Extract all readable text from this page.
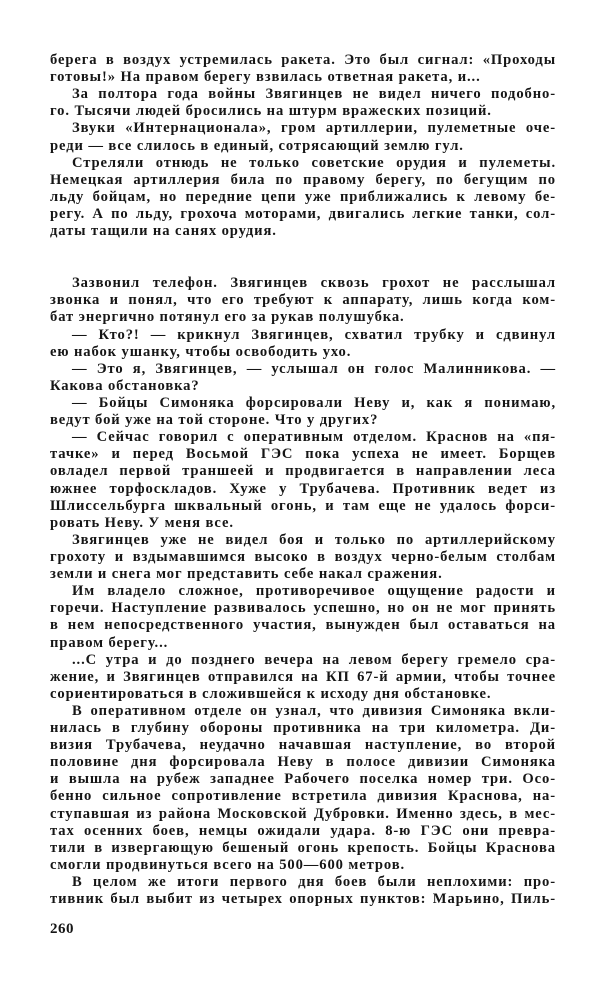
берега в воздух устремилась ракета. Это был сигнал: «Проходы
готовы!» На правом берегу взвилась ответная ракета, и...
За полтора года войны Звягинцев не видел ничего подобно-
го. Тысячи людей бросились на штурм вражеских позиций.
Звуки «Интернационала», гром артиллерии, пулеметные оче-
реди — все слилось в единый, сотрясающий землю гул.
Стреляли отнюдь не только советские орудия и пулеметы.
Немецкая артиллерия била по правому берегу, по бегущим по
льду бойцам, но передние цепи уже приближались к левому бе-
регу. А по льду, грохоча моторами, двигались легкие танки, сол-
даты тащили на санях орудия.
Зазвонил телефон. Звягинцев сквозь грохот не расслышал
звонка и понял, что его требуют к аппарату, лишь когда ком-
бат энергично потянул его за рукав полушубка.
— Кто?! — крикнул Звягинцев, схватил трубку и сдвинул
ею набок ушанку, чтобы освободить ухо.
— Это я, Звягинцев, — услышал он голос Малинникова. —
Какова обстановка?
— Бойцы Симоняка форсировали Неву и, как я понимаю,
ведут бой уже на той стороне. Что у других?
— Сейчас говорил с оперативным отделом. Краснов на «пя-
тачке» и перед Восьмой ГЭС пока успеха не имеет. Борщев
овладел первой траншеей и продвигается в направлении леса
южнее торфоскладов. Хуже у Трубачева. Противник ведет из
Шлиссельбурга шквальный огонь, и там еще не удалось форси-
ровать Неву. У меня все.
Звягинцев уже не видел боя и только по артиллерийскому
грохоту и вздымавшимся высоко в воздух черно-белым столбам
земли и снега мог представить себе накал сражения.
Им владело сложное, противоречивое ощущение радости и
горечи. Наступление развивалось успешно, но он не мог принять
в нем непосредственного участия, вынужден был оставаться на
правом берегу...
...С утра и до позднего вечера на левом берегу гремело сра-
жение, и Звягинцев отправился на КП 67-й армии, чтобы точнее
сориентироваться в сложившейся к исходу дня обстановке.
В оперативном отделе он узнал, что дивизия Симоняка вкли-
нилась в глубину обороны противника на три километра. Ди-
визия Трубачева, неудачно начавшая наступление, во второй
половине дня форсировала Неву в полосе дивизии Симоняка
и вышла на рубеж западнее Рабочего поселка номер три. Осо-
бенно сильное сопротивление встретила дивизия Краснова, на-
ступавшая из района Московской Дубровки. Именно здесь, в мес-
тах осенних боев, немцы ожидали удара. 8-ю ГЭС они превра-
тили в извергающую бешеный огонь крепость. Бойцы Краснова
смогли продвинуться всего на 500—600 метров.
В целом же итоги первого дня боев были неплохими: про-
тивник был выбит из четырех опорных пунктов: Марьино, Пиль-
260
